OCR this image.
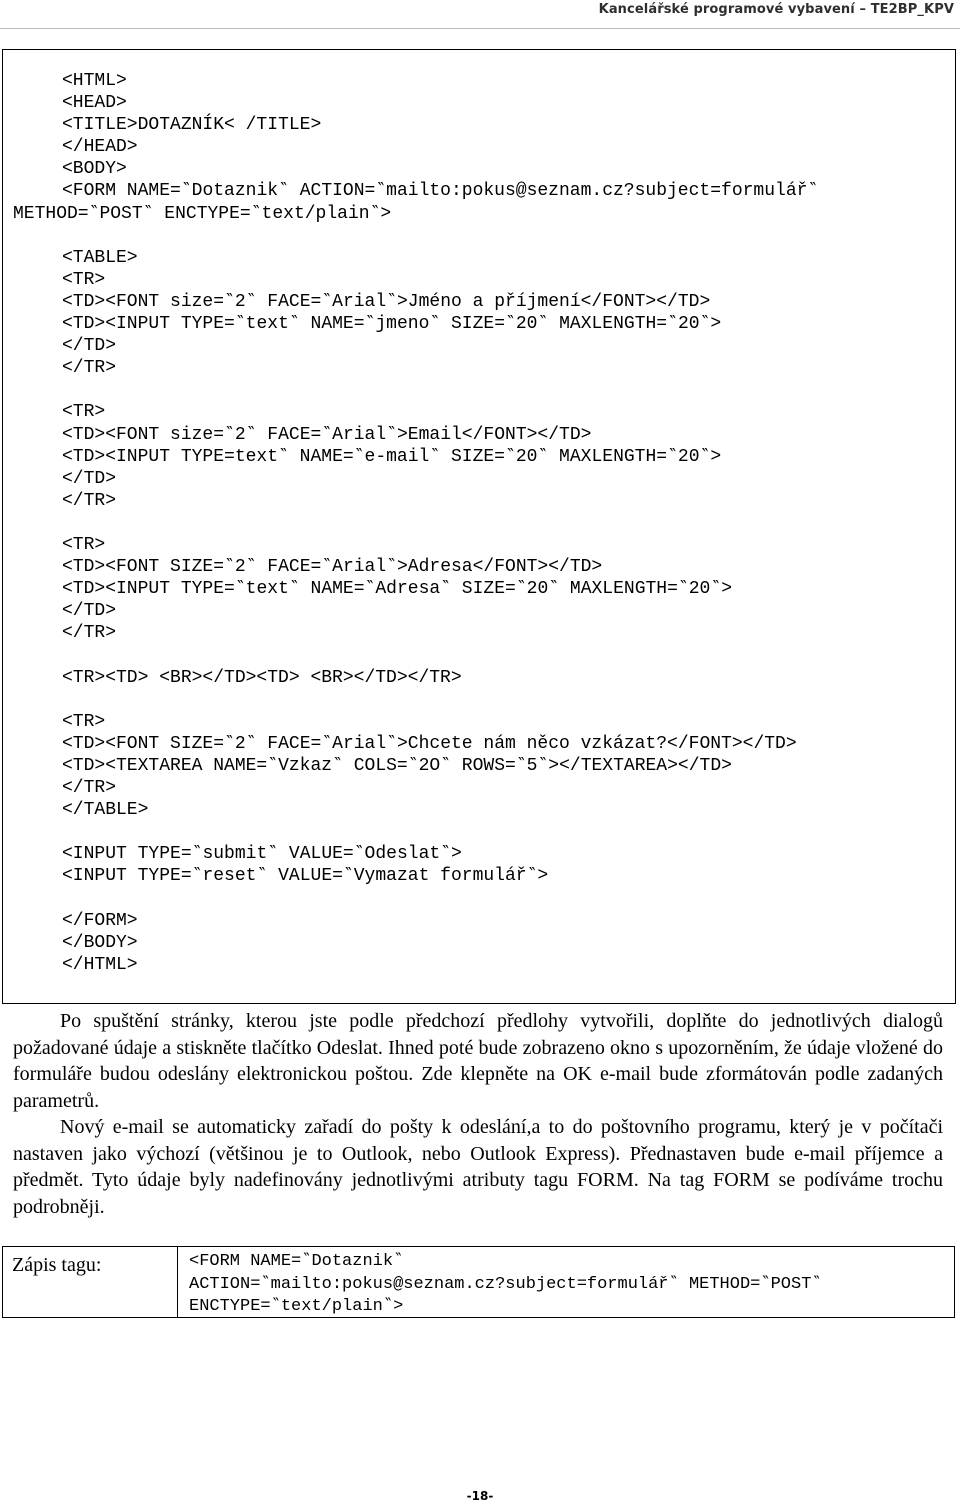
Kancelářské programové vybavení – TE2BP_KPV
<HTML>
<HEAD>
<TITLE>DOTAZNÍK< /TITLE>
</HEAD>
<BODY>
<FORM NAME=‶Dotaznik‶ ACTION=‶mailto:pokus@seznam.cz?subject=formulář‶
METHOD=‶POST‶ ENCTYPE=‶text/plain‶>
<TABLE>
<TR>
<TD><FONT size=‶2‶ FACE=‶Arial‶>Jméno a příjmení</FONT></TD>
<TD><INPUT TYPE=‶text‶ NAME=‶jmeno‶ SIZE=‶20‶ MAXLENGTH=‶20‶>
</TD>
</TR>
<TR>
<TD><FONT size=‶2‶ FACE=‶Arial‶>Email</FONT></TD>
<TD><INPUT TYPE=text‶ NAME=‶e-mail‶ SIZE=‶20‶ MAXLENGTH=‶20‶>
</TD>
</TR>
<TR>
<TD><FONT SIZE=‶2‶ FACE=‶Arial‶>Adresa</FONT></TD>
<TD><INPUT TYPE=‶text‶ NAME=‶Adresa‶ SIZE=‶20‶ MAXLENGTH=‶20‶>
</TD>
</TR>
<TR><TD> <BR></TD><TD> <BR></TD></TR>
<TR>
<TD><FONT SIZE=‶2‶ FACE=‶Arial‶>Chcete nám něco vzkázat?</FONT></TD>
<TD><TEXTAREA NAME=‶Vzkaz‶ COLS=‶2O‶ ROWS=‶5‶></TEXTAREA></TD>
</TR>
</TABLE>
<INPUT TYPE=‶submit‶ VALUE=‶Odeslat‶>
<INPUT TYPE=‶reset‶ VALUE=‶Vymazat formulář‶>
</FORM>
</BODY>
</HTML>

Po spuštění stránky, kterou jste podle předchozí předlohy vytvořili, doplňte do jednotlivých dialogů požadované údaje a stiskněte tlačítko Odeslat. Ihned poté bude zobrazeno okno s upozorněním, že údaje vložené do formuláře budou odeslány elektronickou poštou. Zde klepněte na OK e-mail bude zformátován podle zadaných parametrů.

Nový e-mail se automaticky zařadí do pošty k odeslání,a to do poštovního programu, který je v počítači nastaven jako výchozí (většinou je to Outlook, nebo Outlook Express). Přednastaven bude e-mail příjemce a předmět. Tyto údaje byly nadefinovány jednotlivými atributy tagu FORM. Na tag FORM se podíváme trochu podrobněji.

Zápis tagu:	<FORM NAME=‶Dotaznik‶
ACTION=‶mailto:pokus@seznam.cz?subject=formulář‶ METHOD=‶POST‶
ENCTYPE=‶text/plain‶>
-18-
